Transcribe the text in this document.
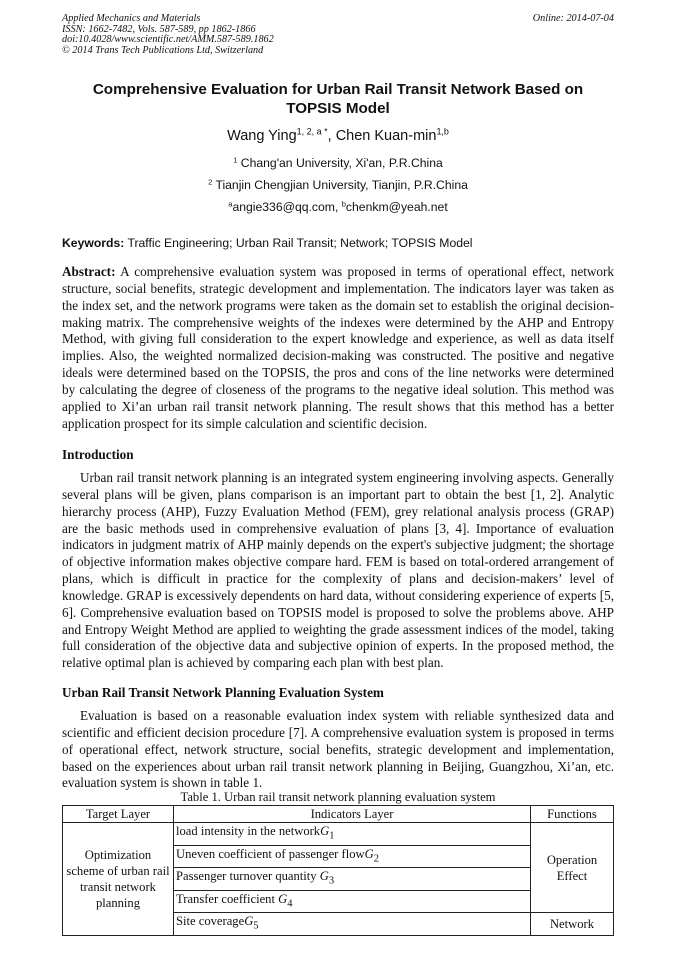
Applied Mechanics and Materials
ISSN: 1662-7482, Vols. 587-589, pp 1862-1866
doi:10.4028/www.scientific.net/AMM.587-589.1862
© 2014 Trans Tech Publications Ltd, Switzerland
Online: 2014-07-04
Comprehensive Evaluation for Urban Rail Transit Network Based on
TOPSIS Model
Wang Ying$^{1, 2, a *}$, Chen Kuan-$\min^{1,b}$
$^1$ Chang'an University, Xi'an, P.R.China
$^2$ Tianjin Chengjian University, Tianjin, P.R.China
$^a$angie336@qq.com, $^b$chenkm@yeah.net
Keywords: Traffic Engineering; Urban Rail Transit; Network; TOPSIS Model

Abstract: A comprehensive evaluation system was proposed in terms of operational effect, network structure, social benefits, strategic development and implementation. The indicators layer was taken as the index set, and the network programs were taken as the domain set to establish the original decision-making matrix. The comprehensive weights of the indexes were determined by the AHP and Entropy Method, with giving full consideration to the expert knowledge and experience, as well as data itself implies. Also, the weighted normalized decision-making was constructed. The positive and negative ideals were determined based on the TOPSIS, the pros and cons of the line networks were determined by calculating the degree of closeness of the programs to the negative ideal solution. This method was applied to Xi’an urban rail transit network planning. The result shows that this method has a better application prospect for its simple calculation and scientific decision.

Introduction

Urban rail transit network planning is an integrated system engineering involving aspects. Generally several plans will be given, plans comparison is an important part to obtain the best [1, 2]. Analytic hierarchy process (AHP), Fuzzy Evaluation Method (FEM), grey relational analysis process (GRAP) are the basic methods used in comprehensive evaluation of plans [3, 4]. Importance of evaluation indicators in judgment matrix of AHP mainly depends on the expert's subjective judgment; the shortage of objective information makes objective compare hard. FEM is based on total-ordered arrangement of plans, which is difficult in practice for the complexity of plans and decision-makers’ level of knowledge. GRAP is excessively dependents on hard data, without considering experience of experts [5, 6]. Comprehensive evaluation based on TOPSIS model is proposed to solve the problems above. AHP and Entropy Weight Method are applied to weighting the grade assessment indices of the model, taking full consideration of the objective data and subjective opinion of experts. In the proposed method, the relative optimal plan is achieved by comparing each plan with best plan.

Urban Rail Transit Network Planning Evaluation System

Evaluation is based on a reasonable evaluation index system with reliable synthesized data and scientific and efficient decision procedure [7]. A comprehensive evaluation system is proposed in terms of operational effect, network structure, social benefits, strategic development and implementation, based on the experiences about urban rail transit network planning in Beijing, Guangzhou, Xi’an, etc. evaluation system is shown in table 1.

Table 1. Urban rail transit network planning evaluation system
Target Layer	Indicators Layer	Functions
Optimization scheme of urban rail transit network planning	load intensity in the networkG$_1$	Operation Effect
	Uneven coefficient of passenger flowG$_2$
	Passenger turnover quantity $G_3$
	Transfer coefficient $G_4$
	Site coverageG$_5$	Network
